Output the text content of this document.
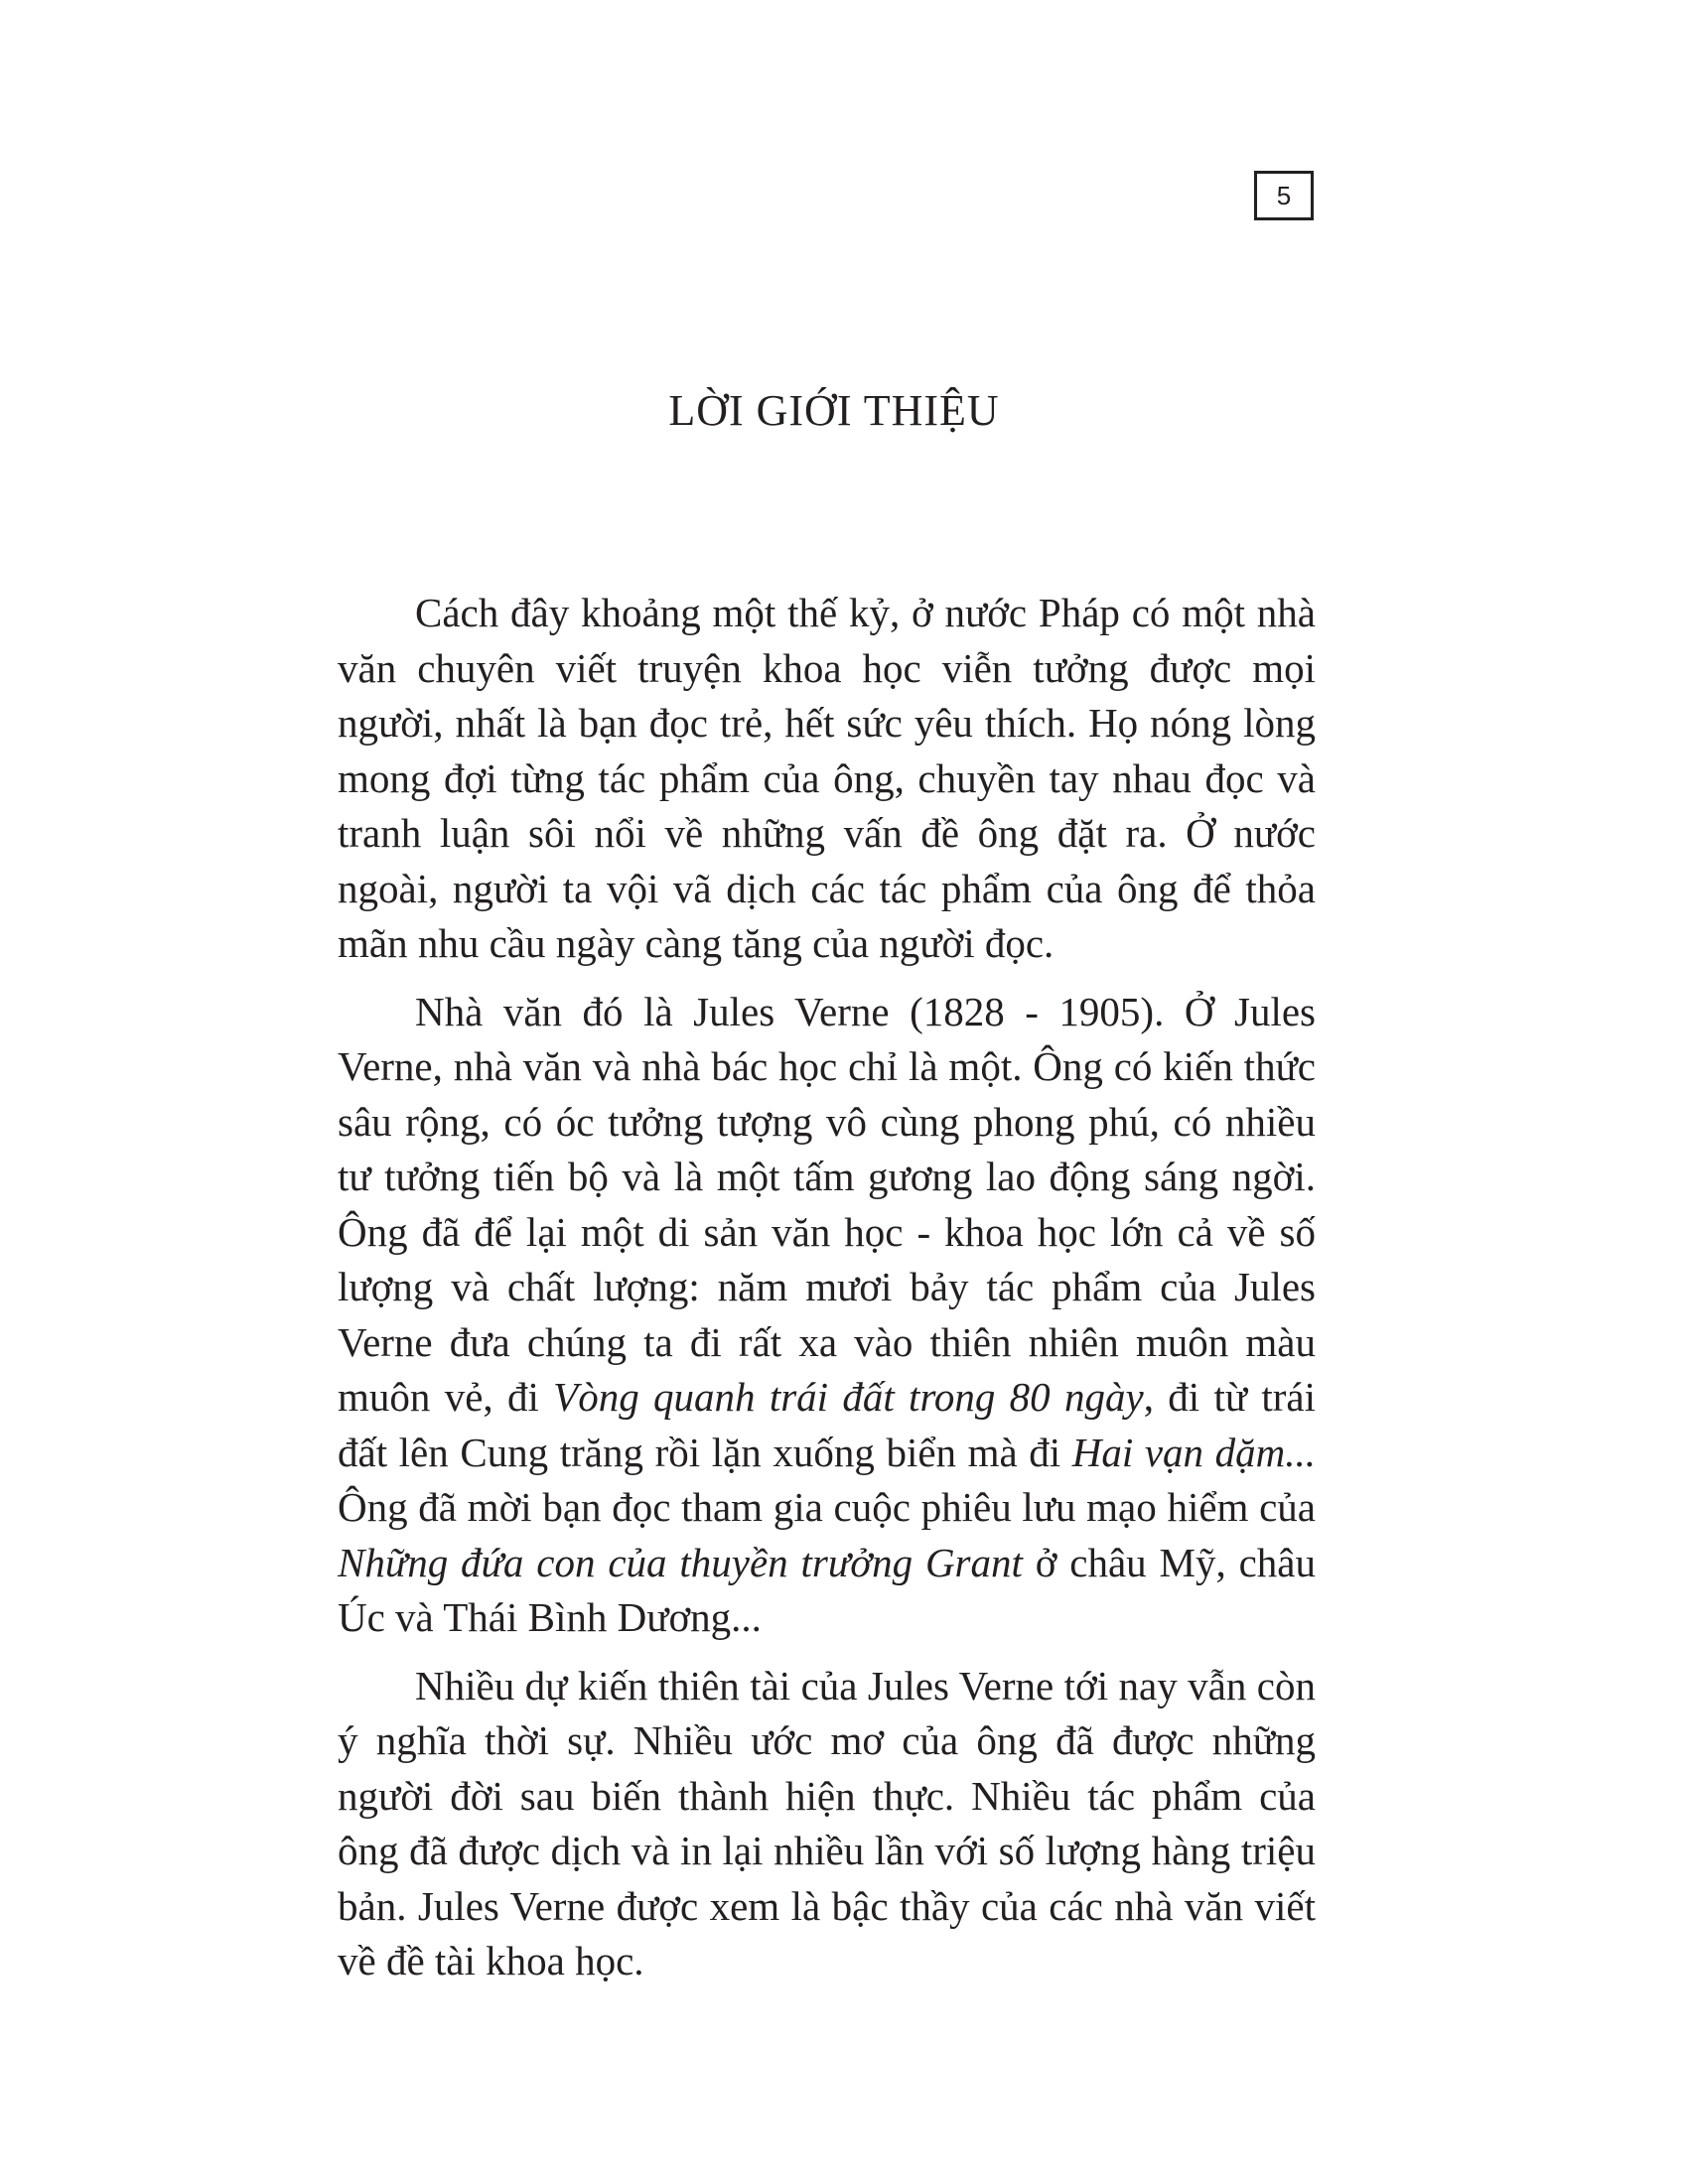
5
LỜI GIỚI THIỆU

Cách đây khoảng một thế kỷ, ở nước Pháp có một nhà văn chuyên viết truyện khoa học viễn tưởng được mọi người, nhất là bạn đọc trẻ, hết sức yêu thích. Họ nóng lòng mong đợi từng tác phẩm của ông, chuyền tay nhau đọc và tranh luận sôi nổi về những vấn đề ông đặt ra. Ở nước ngoài, người ta vội vã dịch các tác phẩm của ông để thỏa mãn nhu cầu ngày càng tăng của người đọc.

Nhà văn đó là Jules Verne (1828 - 1905). Ở Jules Verne, nhà văn và nhà bác học chỉ là một. Ông có kiến thức sâu rộng, có óc tưởng tượng vô cùng phong phú, có nhiều tư tưởng tiến bộ và là một tấm gương lao động sáng ngời. Ông đã để lại một di sản văn học - khoa học lớn cả về số lượng và chất lượng: năm mươi bảy tác phẩm của Jules Verne đưa chúng ta đi rất xa vào thiên nhiên muôn màu muôn vẻ, đi Vòng quanh trái đất trong 80 ngày, đi từ trái đất lên Cung trăng rồi lặn xuống biển mà đi Hai vạn dặm... Ông đã mời bạn đọc tham gia cuộc phiêu lưu mạo hiểm của Những đứa con của thuyền trưởng Grant ở châu Mỹ, châu Úc và Thái Bình Dương...

Nhiều dự kiến thiên tài của Jules Verne tới nay vẫn còn ý nghĩa thời sự. Nhiều ước mơ của ông đã được những người đời sau biến thành hiện thực. Nhiều tác phẩm của ông đã được dịch và in lại nhiều lần với số lượng hàng triệu bản. Jules Verne được xem là bậc thầy của các nhà văn viết về đề tài khoa học.
